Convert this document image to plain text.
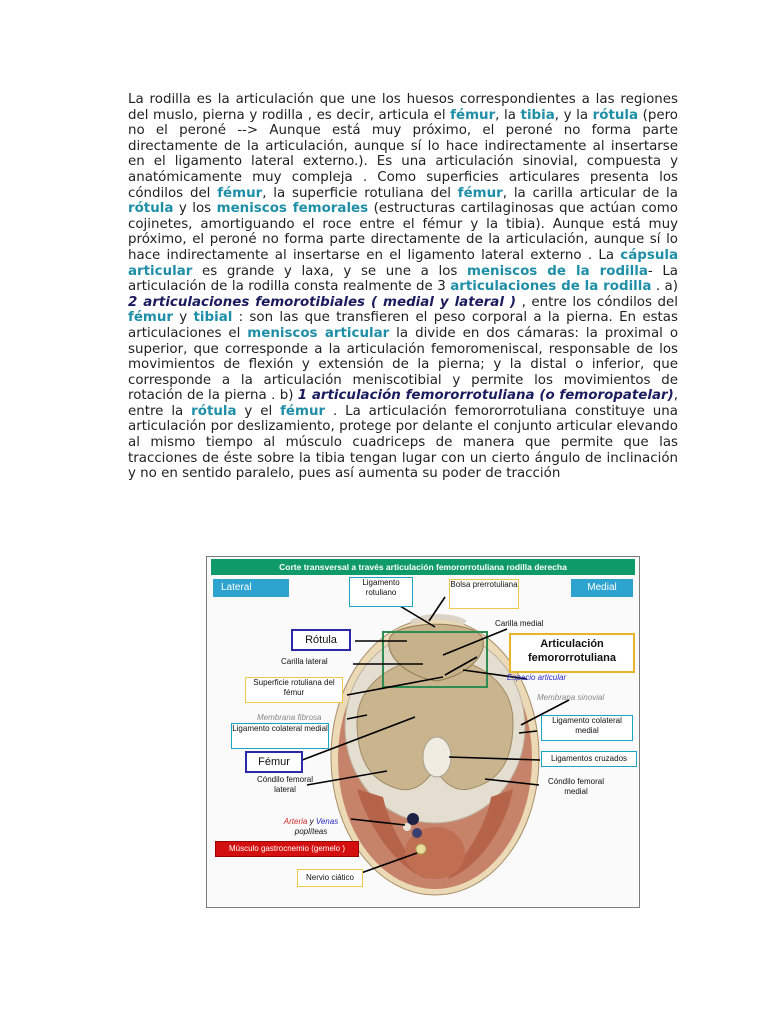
La rodilla es la articulación que une los huesos correspondientes a las regiones del muslo, pierna y rodilla , es decir, articula el fémur, la tibia, y la rótula (pero no el peroné --> Aunque está muy próximo, el peroné no forma parte directamente de la articulación, aunque sí lo hace indirectamente al insertarse en el ligamento lateral externo.). Es una articulación sinovial, compuesta y anatómicamente muy compleja . Como superficies articulares presenta los cóndilos del fémur, la superficie rotuliana del fémur, la carilla articular de la rótula y los meniscos femorales (estructuras cartilaginosas que actúan como cojinetes, amortiguando el roce entre el fémur y la tibia). Aunque está muy próximo, el peroné no forma parte directamente de la articulación, aunque sí lo hace indirectamente al insertarse en el ligamento lateral externo . La cápsula articular es grande y laxa, y se une a los meniscos de la rodilla- La articulación de la rodilla consta realmente de 3 articulaciones de la rodilla . a) 2 articulaciones femorotibiales ( medial y lateral ) , entre los cóndilos del fémur y tibial : son las que transfieren el peso corporal a la pierna. En estas articulaciones el meniscos articular la divide en dos cámaras: la proximal o superior, que corresponde a la articulación femoromeniscal, responsable de los movimientos de flexión y extensión de la pierna; y la distal o inferior, que corresponde a la articulación meniscotibial y permite los movimientos de rotación de la pierna . b) 1 articulación femororrotuliana (o femoropatelar), entre la rótula y el fémur . La articulación femororrotuliana constituye una articulación por deslizamiento, protege por delante el conjunto articular elevando al mismo tiempo al músculo cuadriceps de manera que permite que las tracciones de éste sobre la tibia tengan lugar con un cierto ángulo de inclinación y no en sentido paralelo, pues así aumenta su poder de tracción
Corte transversal a través articulación femororrotuliana rodilla derecha
Lateral	Medial
Ligamento rotuliano
Bolsa prerrotuliana
Carilla medial
Rótula	Articulación femororrotuliana
Carilla lateral
Espacio articular
Superficie rotuliana del fémur
Membrana sinovial
Membrana fibrosa	Ligamento colateral medial
Ligamento colateral medial
Ligamentos cruzados
Fémur
Cóndilo femoral lateral
Cóndilo femoral medial
Arteria y Venas
poplíteas
Músculo gastrocnemio (gemelo )
Nervio ciático
